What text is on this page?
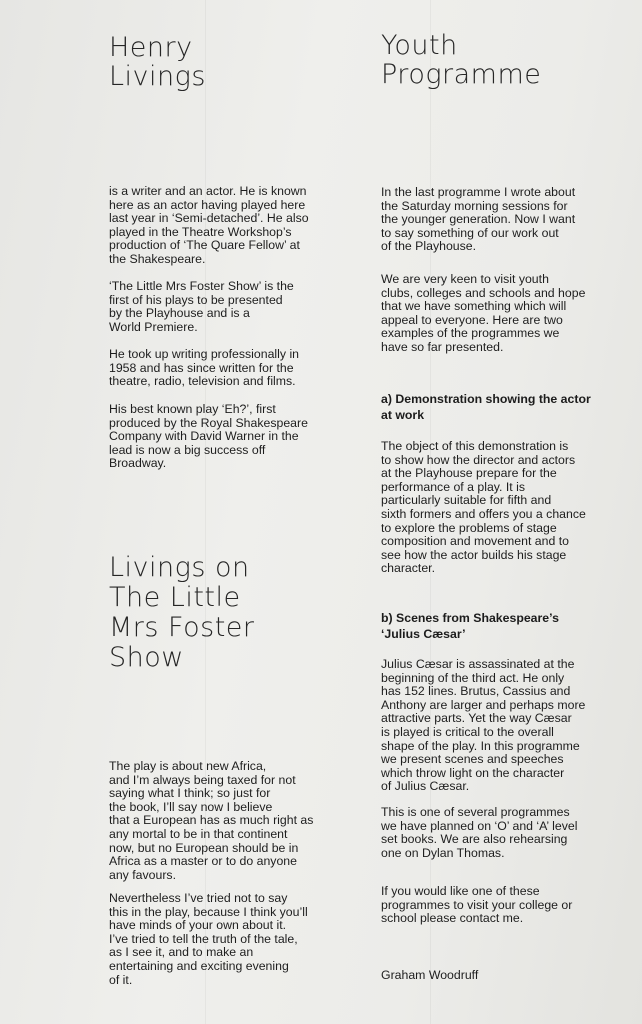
Henry
Livings

is a writer and an actor. He is known
here as an actor having played here
last year in ‘Semi-detached’. He also
played in the Theatre Workshop’s
production of ‘The Quare Fellow’ at
the Shakespeare.

‘The Little Mrs Foster Show’ is the
first of his plays to be presented
by the Playhouse and is a
World Premiere.

He took up writing professionally in
1958 and has since written for the
theatre, radio, television and films.

His best known play ‘Eh?’, first
produced by the Royal Shakespeare
Company with David Warner in the
lead is now a big success off
Broadway.

Livings on
The Little
Mrs Foster
Show

The play is about new Africa,
and I’m always being taxed for not
saying what I think; so just for
the book, I’ll say now I believe
that a European has as much right as
any mortal to be in that continent
now, but no European should be in
Africa as a master or to do anyone
any favours.

Nevertheless I’ve tried not to say
this in the play, because I think you’ll
have minds of your own about it.
I’ve tried to tell the truth of the tale,
as I see it, and to make an
entertaining and exciting evening
of it.

Youth
Programme

In the last programme I wrote about
the Saturday morning sessions for
the younger generation. Now I want
to say something of our work out
of the Playhouse.

We are very keen to visit youth
clubs, colleges and schools and hope
that we have something which will
appeal to everyone. Here are two
examples of the programmes we
have so far presented.

a) Demonstration showing the actor
at work

The object of this demonstration is
to show how the director and actors
at the Playhouse prepare for the
performance of a play. It is
particularly suitable for fifth and
sixth formers and offers you a chance
to explore the problems of stage
composition and movement and to
see how the actor builds his stage
character.

b) Scenes from Shakespeare’s
‘Julius Cæsar’

Julius Cæsar is assassinated at the
beginning of the third act. He only
has 152 lines. Brutus, Cassius and
Anthony are larger and perhaps more
attractive parts. Yet the way Cæsar
is played is critical to the overall
shape of the play. In this programme
we present scenes and speeches
which throw light on the character
of Julius Cæsar.

This is one of several programmes
we have planned on ‘O’ and ‘A’ level
set books. We are also rehearsing
one on Dylan Thomas.

If you would like one of these
programmes to visit your college or
school please contact me.

Graham Woodruff
